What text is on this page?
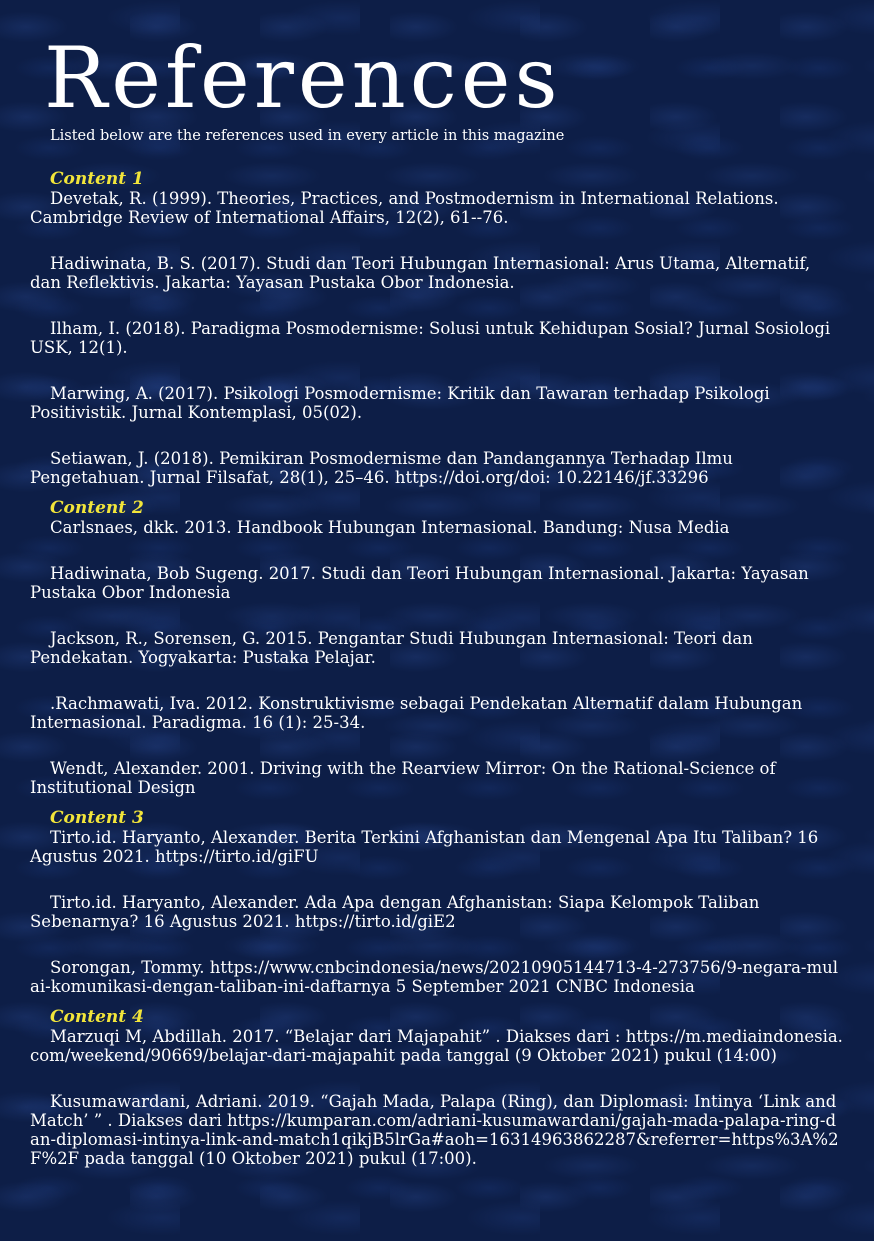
References
Listed below are the references used in every article in this magazine
Content 1

Devetak, R. (1999). Theories, Practices, and Postmodernism in International Relations. Cambridge Review of International Affairs, 12(2), 61--76.

Hadiwinata, B. S. (2017). Studi dan Teori Hubungan Internasional: Arus Utama, Alternatif, dan Reflektivis. Jakarta: Yayasan Pustaka Obor Indonesia.

Ilham, I. (2018). Paradigma Posmodernisme: Solusi untuk Kehidupan Sosial? Jurnal Sosiologi USK, 12(1).

Marwing, A. (2017). Psikologi Posmodernisme: Kritik dan Tawaran terhadap Psikologi Positivistik. Jurnal Kontemplasi, 05(02).

Setiawan, J. (2018). Pemikiran Posmodernisme dan Pandangannya Terhadap Ilmu Pengetahuan. Jurnal Filsafat, 28(1), 25–46. https://doi.org/doi: 10.22146/jf.33296

Content 2

Carlsnaes, dkk. 2013. Handbook Hubungan Internasional. Bandung: Nusa Media

Hadiwinata, Bob Sugeng. 2017. Studi dan Teori Hubungan Internasional. Jakarta: Yayasan Pustaka Obor Indonesia

Jackson, R., Sorensen, G. 2015. Pengantar Studi Hubungan Internasional: Teori dan Pendekatan. Yogyakarta: Pustaka Pelajar.

.Rachmawati, Iva. 2012. Konstruktivisme sebagai Pendekatan Alternatif dalam Hubungan Internasional. Paradigma. 16 (1): 25-34.

Wendt, Alexander. 2001. Driving with the Rearview Mirror: On the Rational-Science of Institutional Design

Content 3

Tirto.id. Haryanto, Alexander. Berita Terkini Afghanistan dan Mengenal Apa Itu Taliban? 16 Agustus 2021. https://tirto.id/giFU

Tirto.id. Haryanto, Alexander. Ada Apa dengan Afghanistan: Siapa Kelompok Taliban Sebenarnya? 16 Agustus 2021. https://tirto.id/giE2

Sorongan, Tommy. https://www.cnbcindonesia/news/20210905144713-4-273756/9-negara-mulai-komunikasi-dengan-taliban-ini-daftarnya 5 September 2021 CNBC Indonesia

Content 4

Marzuqi M, Abdillah. 2017. “Belajar dari Majapahit” . Diakses dari : https://m.mediaindonesia.com/weekend/90669/belajar-dari-majapahit pada tanggal (9 Oktober 2021) pukul (14:00)

Kusumawardani, Adriani. 2019. “Gajah Mada, Palapa (Ring), dan Diplomasi: Intinya ‘Link and Match’ ” . Diakses dari https://kumparan.com/adriani-kusumawardani/gajah-mada-palapa-ring-dan-diplomasi-intinya-link-and-match1qikjB5lrGa#aoh=16314963862287&referrer=https%3A%2F%2F pada tanggal (10 Oktober 2021) pukul (17:00).
